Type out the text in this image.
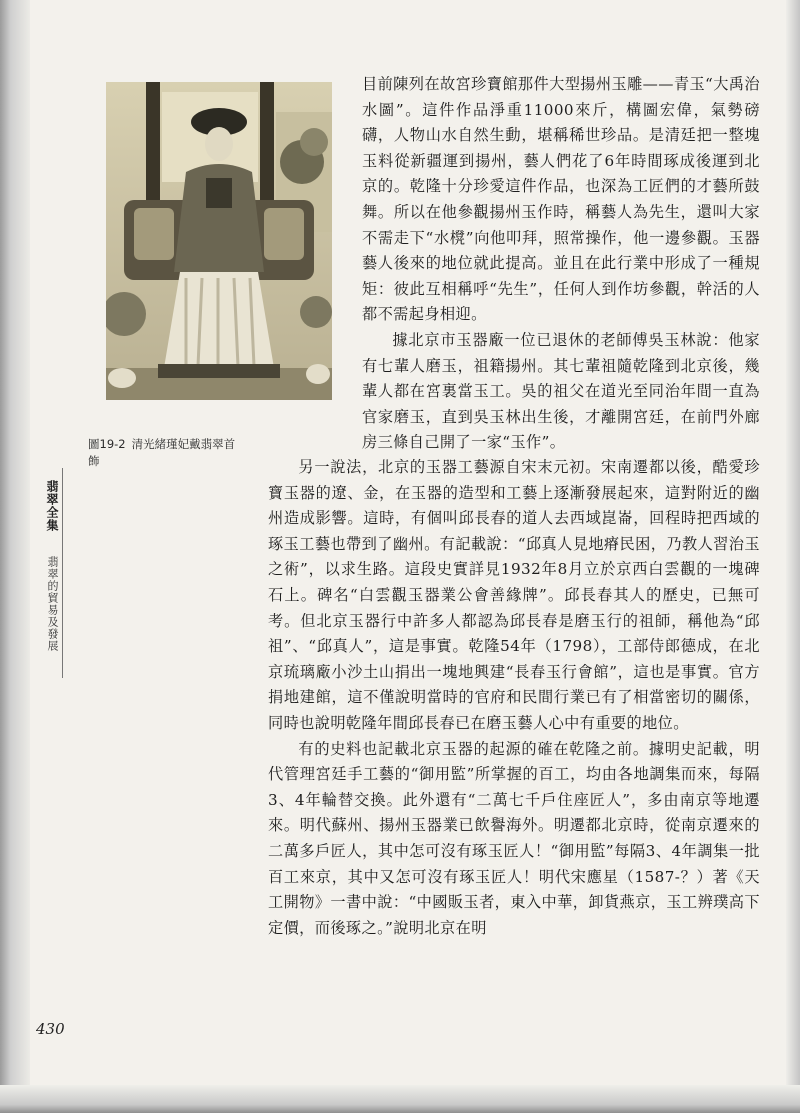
圖19-2 清光緒瑾妃戴翡翠首飾
翡翠全集
翡翠的貿易及發展

目前陳列在故宮珍寶館那件大型揚州玉雕——青玉“大禹治水圖”。這件作品淨重11000來斤，構圖宏偉，氣勢磅礴，人物山水自然生動，堪稱稀世珍品。是清廷把一整塊玉料從新疆運到揚州，藝人們花了6年時間琢成後運到北京的。乾隆十分珍愛這件作品，也深為工匠們的才藝所鼓舞。所以在他參觀揚州玉作時，稱藝人為先生，還叫大家不需走下“水櫈”向他叩拜，照常操作，他一邊參觀。玉器藝人後來的地位就此提高。並且在此行業中形成了一種規矩：彼此互相稱呼“先生”，任何人到作坊參觀，幹活的人都不需起身相迎。

據北京市玉器廠一位已退休的老師傅吳玉林說：他家有七輩人磨玉，祖籍揚州。其七輩祖隨乾隆到北京後，幾輩人都在宮裏當玉工。吳的祖父在道光至同治年間一直為官家磨玉，直到吳玉林出生後，才離開宮廷，在前門外廊房三條自己開了一家“玉作”。

另一說法，北京的玉器工藝源自宋末元初。宋南遷都以後，酷愛珍寶玉器的遼、金，在玉器的造型和工藝上逐漸發展起來，這對附近的幽州造成影響。這時，有個叫邱長春的道人去西域崑崙，回程時把西域的琢玉工藝也帶到了幽州。有記載說：“邱真人見地瘠民困，乃教人習治玉之術”，以求生路。這段史實詳見1932年8月立於京西白雲觀的一塊碑石上。碑名“白雲觀玉器業公會善緣牌”。邱長春其人的歷史，已無可考。但北京玉器行中許多人都認為邱長春是磨玉行的祖師，稱他為“邱祖”、“邱真人”，這是事實。乾隆54年（1798），工部侍郎德成，在北京琉璃廠小沙土山捐出一塊地興建“長春玉行會館”，這也是事實。官方捐地建館，這不僅說明當時的官府和民間行業已有了相當密切的關係，同時也說明乾隆年間邱長春已在磨玉藝人心中有重要的地位。

有的史料也記載北京玉器的起源的確在乾隆之前。據明史記載，明代管理宮廷手工藝的“御用監”所掌握的百工，均由各地調集而來，每隔3、4年輪替交換。此外還有“二萬七千戶住座匠人”，多由南京等地遷來。明代蘇州、揚州玉器業已飲譽海外。明遷都北京時，從南京遷來的二萬多戶匠人，其中怎可沒有琢玉匠人！“御用監”每隔3、4年調集一批百工來京，其中又怎可沒有琢玉匠人！明代宋應星（1587-？）著《天工開物》一書中說：“中國販玉者，東入中華，卸貨燕京，玉工辨璞高下定價，而後琢之。”說明北京在明

430
